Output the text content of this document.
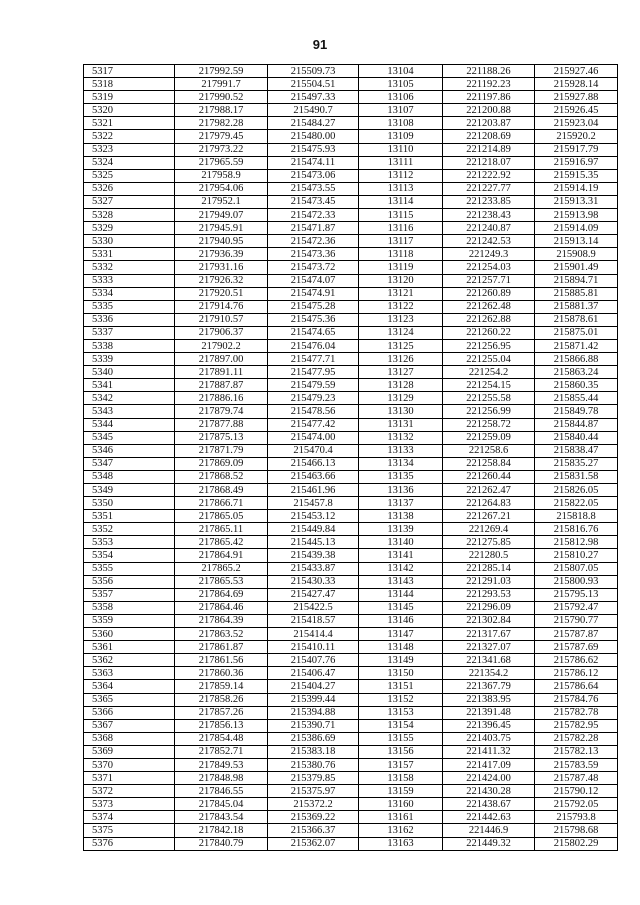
91
5317	217992.59	215509.73	13104	221188.26	215927.46
5318	217991.7	215504.51	13105	221192.23	215928.14
5319	217990.52	215497.33	13106	221197.86	215927.88
5320	217988.17	215490.7	13107	221200.88	215926.45
5321	217982.28	215484.27	13108	221203.87	215923.04
5322	217979.45	215480.00	13109	221208.69	215920.2
5323	217973.22	215475.93	13110	221214.89	215917.79
5324	217965.59	215474.11	13111	221218.07	215916.97
5325	217958.9	215473.06	13112	221222.92	215915.35
5326	217954.06	215473.55	13113	221227.77	215914.19
5327	217952.1	215473.45	13114	221233.85	215913.31
5328	217949.07	215472.33	13115	221238.43	215913.98
5329	217945.91	215471.87	13116	221240.87	215914.09
5330	217940.95	215472.36	13117	221242.53	215913.14
5331	217936.39	215473.36	13118	221249.3	215908.9
5332	217931.16	215473.72	13119	221254.03	215901.49
5333	217926.32	215474.07	13120	221257.71	215894.71
5334	217920.51	215474.91	13121	221260.89	215885.81
5335	217914.76	215475.28	13122	221262.48	215881.37
5336	217910.57	215475.36	13123	221262.88	215878.61
5337	217906.37	215474.65	13124	221260.22	215875.01
5338	217902.2	215476.04	13125	221256.95	215871.42
5339	217897.00	215477.71	13126	221255.04	215866.88
5340	217891.11	215477.95	13127	221254.2	215863.24
5341	217887.87	215479.59	13128	221254.15	215860.35
5342	217886.16	215479.23	13129	221255.58	215855.44
5343	217879.74	215478.56	13130	221256.99	215849.78
5344	217877.88	215477.42	13131	221258.72	215844.87
5345	217875.13	215474.00	13132	221259.09	215840.44
5346	217871.79	215470.4	13133	221258.6	215838.47
5347	217869.09	215466.13	13134	221258.84	215835.27
5348	217868.52	215463.66	13135	221260.44	215831.58
5349	217868.49	215461.96	13136	221262.47	215826.05
5350	217866.71	215457.8	13137	221264.83	215822.05
5351	217865.05	215453.12	13138	221267.21	215818.8
5352	217865.11	215449.84	13139	221269.4	215816.76
5353	217865.42	215445.13	13140	221275.85	215812.98
5354	217864.91	215439.38	13141	221280.5	215810.27
5355	217865.2	215433.87	13142	221285.14	215807.05
5356	217865.53	215430.33	13143	221291.03	215800.93
5357	217864.69	215427.47	13144	221293.53	215795.13
5358	217864.46	215422.5	13145	221296.09	215792.47
5359	217864.39	215418.57	13146	221302.84	215790.77
5360	217863.52	215414.4	13147	221317.67	215787.87
5361	217861.87	215410.11	13148	221327.07	215787.69
5362	217861.56	215407.76	13149	221341.68	215786.62
5363	217860.36	215406.47	13150	221354.2	215786.12
5364	217859.14	215404.27	13151	221367.79	215786.64
5365	217858.26	215399.44	13152	221383.95	215784.76
5366	217857.26	215394.88	13153	221391.48	215782.78
5367	217856.13	215390.71	13154	221396.45	215782.95
5368	217854.48	215386.69	13155	221403.75	215782.28
5369	217852.71	215383.18	13156	221411.32	215782.13
5370	217849.53	215380.76	13157	221417.09	215783.59
5371	217848.98	215379.85	13158	221424.00	215787.48
5372	217846.55	215375.97	13159	221430.28	215790.12
5373	217845.04	215372.2	13160	221438.67	215792.05
5374	217843.54	215369.22	13161	221442.63	215793.8
5375	217842.18	215366.37	13162	221446.9	215798.68
5376	217840.79	215362.07	13163	221449.32	215802.29
